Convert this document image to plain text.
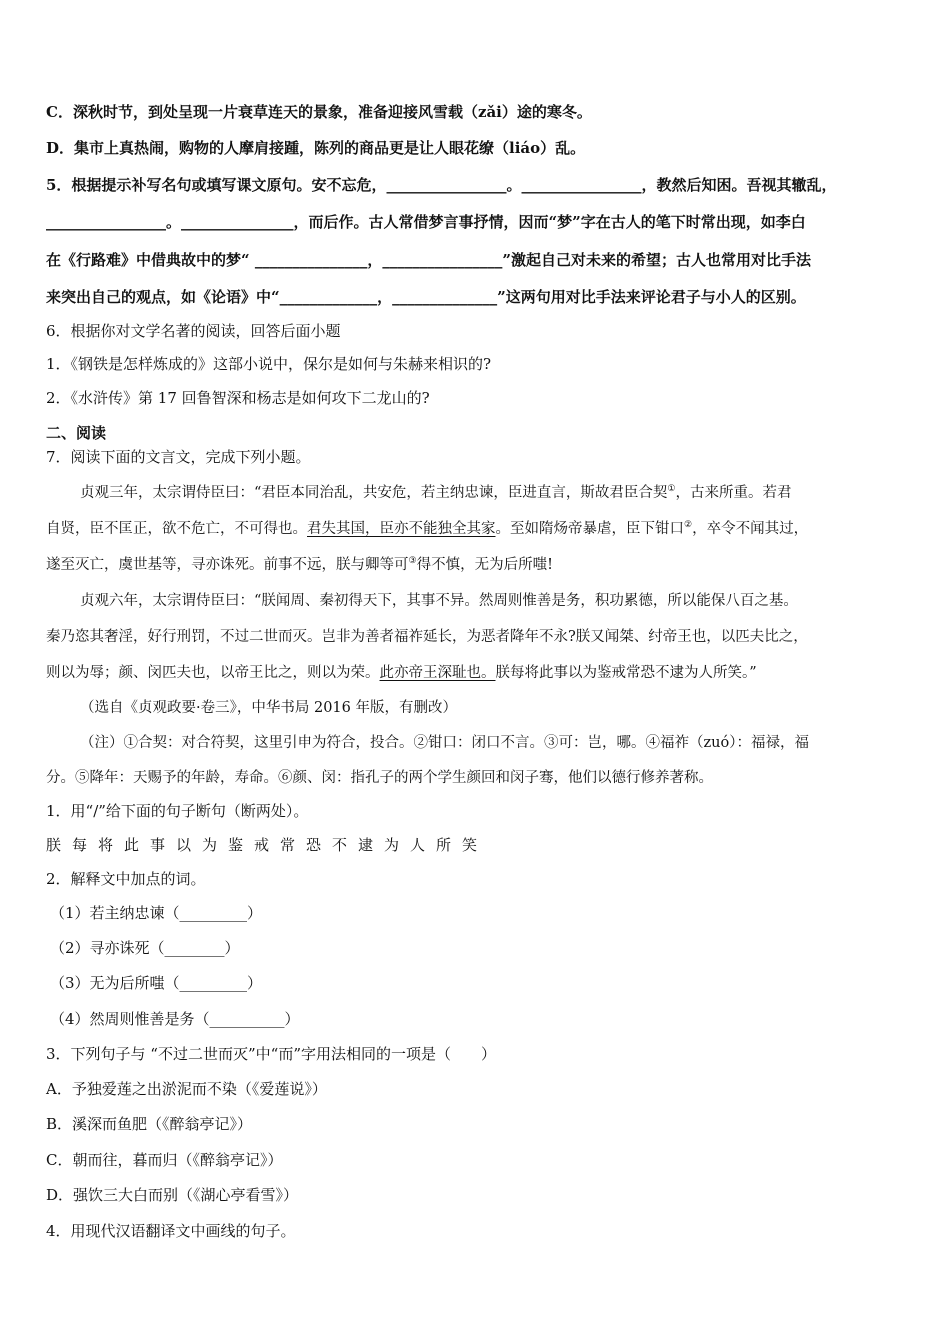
C．深秋时节，到处呈现一片衰草连天的景象，准备迎接风雪载（zǎi）途的寒冬。
D．集市上真热闹，购物的人摩肩接踵，陈列的商品更是让人眼花缭（liáo）乱。
5．根据提示补写名句或填写课文原句。安不忘危，________________。________________，教然后知困。吾视其辙乱，
________________。_______________，而后作。古人常借梦言事抒情，因而“梦”字在古人的笔下时常出现，如李白
在《行路难》中借典故中的梦“ _______________，________________”激起自己对未来的希望；古人也常用对比手法
来突出自己的观点，如《论语》中“_____________，______________”这两句用对比手法来评论君子与小人的区别。
6．根据你对文学名著的阅读，回答后面小题
1．《钢铁是怎样炼成的》这部小说中，保尔是如何与朱赫来相识的?
2．《水浒传》第 17 回鲁智深和杨志是如何攻下二龙山的?
二、阅读
7．阅读下面的文言文，完成下列小题。
贞观三年，太宗谓侍臣曰：“君臣本同治乱，共安危，若主纳忠谏，臣进直言，斯故君臣合契①，古来所重。若君
自贤，臣不匡正，欲不危亡，不可得也。君失其国，臣亦不能独全其家。至如隋炀帝暴虐，臣下钳口②，卒令不闻其过，
遂至灭亡，虞世基等，寻亦诛死。前事不远，朕与卿等可③得不慎，无为后所嗤!
贞观六年，太宗谓侍臣曰：“朕闻周、秦初得天下，其事不异。然周则惟善是务，积功累德，所以能保八百之基。
秦乃恣其奢淫，好行刑罚，不过二世而灭。岂非为善者福祚延长，为恶者降年不永?朕又闻桀、纣帝王也，以匹夫比之，
则以为辱；颜、闵匹夫也，以帝王比之，则以为荣。此亦帝王深耻也。朕每将此事以为鉴戒常恐不逮为人所笑。”
（选自《贞观政要·卷三》，中华书局 2016 年版，有删改）
（注）①合契：对合符契，这里引申为符合，投合。②钳口：闭口不言。③可：岂，哪。④福祚（zuó）：福禄，福
分。⑤降年：天赐予的年龄，寿命。⑥颜、闵：指孔子的两个学生颜回和闵子骞，他们以德行修养著称。
1．用“/”给下面的句子断句（断两处）。
朕每将此事以为鉴戒常恐不逮为人所笑
2．解释文中加点的词。
（1）若主纳忠谏（_________）
（2）寻亦诛死（________）
（3）无为后所嗤（_________）
（4）然周则惟善是务（__________）
3．下列句子与 “不过二世而灭”中“而”字用法相同的一项是（　　）
A．予独爱莲之出淤泥而不染（《爱莲说》）
B．溪深而鱼肥（《醉翁亭记》）
C．朝而往，暮而归（《醉翁亭记》）
D．强饮三大白而别（《湖心亭看雪》）
4．用现代汉语翻译文中画线的句子。
